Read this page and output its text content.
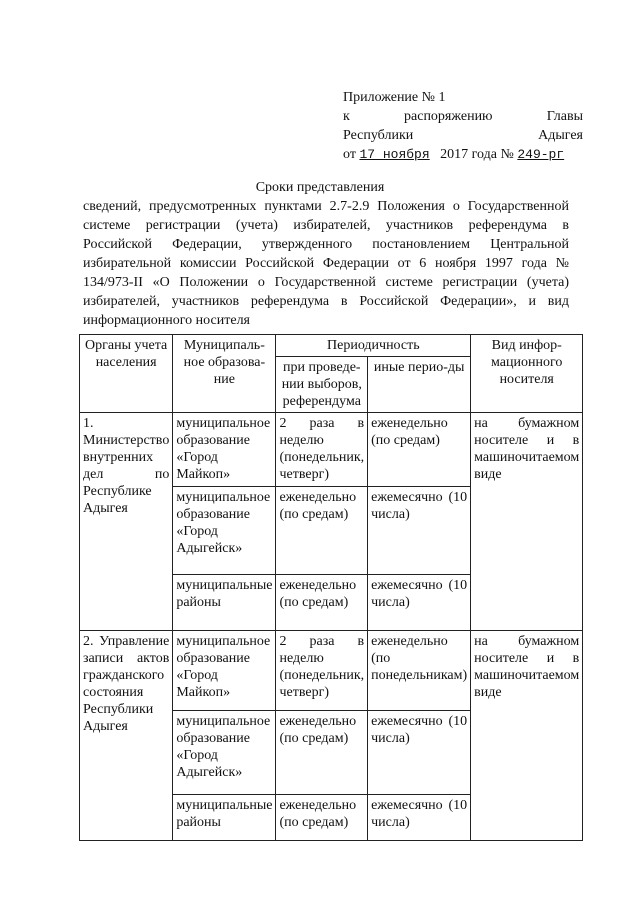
Приложение № 1
к	распоряжению	Главы
Республики	Адыгея
от
17 ноября
2017 года №
249-рг
Сроки представления
сведений, предусмотренных пунктами 2.7-2.9 Положения о Государственной системе регистрации (учета) избирателей, участников референдума в Российской Федерации, утвержденного постановлением Центральной избирательной комиссии Российской Федерации от 6 ноября 1997 года № 134/973-II «О Положении о Государственной системе регистрации (учета) избирателей, участников референдума в Российской Федерации», и вид информационного носителя
Органы учета населения	Муниципаль-ное образова-ние	Периодичность		Вид инфор-мационного носителя
		при проведе-нии выборов, референдума	иные перио-ды	
1. Министерство внутренних дел по Республике Адыгея	муниципальное образование «Город Майкоп»	2 раза в неделю (понедельник, четверг)	еженедельно (по средам)	на бумажном носителе и в машиночитаемом виде
	муниципальное образование «Город Адыгейск»	еженедельно (по средам)	ежемесячно (10 числа)	
	муниципальные районы	еженедельно (по средам)	ежемесячно (10 числа)	
2. Управление записи актов гражданского состояния Республики Адыгея	муниципальное образование «Город Майкоп»	2 раза в неделю (понедельник, четверг)	еженедельно (по понедельникам)	на бумажном носителе и в машиночитаемом виде
	муниципальное образование «Город Адыгейск»	еженедельно (по средам)	ежемесячно (10 числа)	
	муниципальные районы	еженедельно (по средам)	ежемесячно (10 числа)	
